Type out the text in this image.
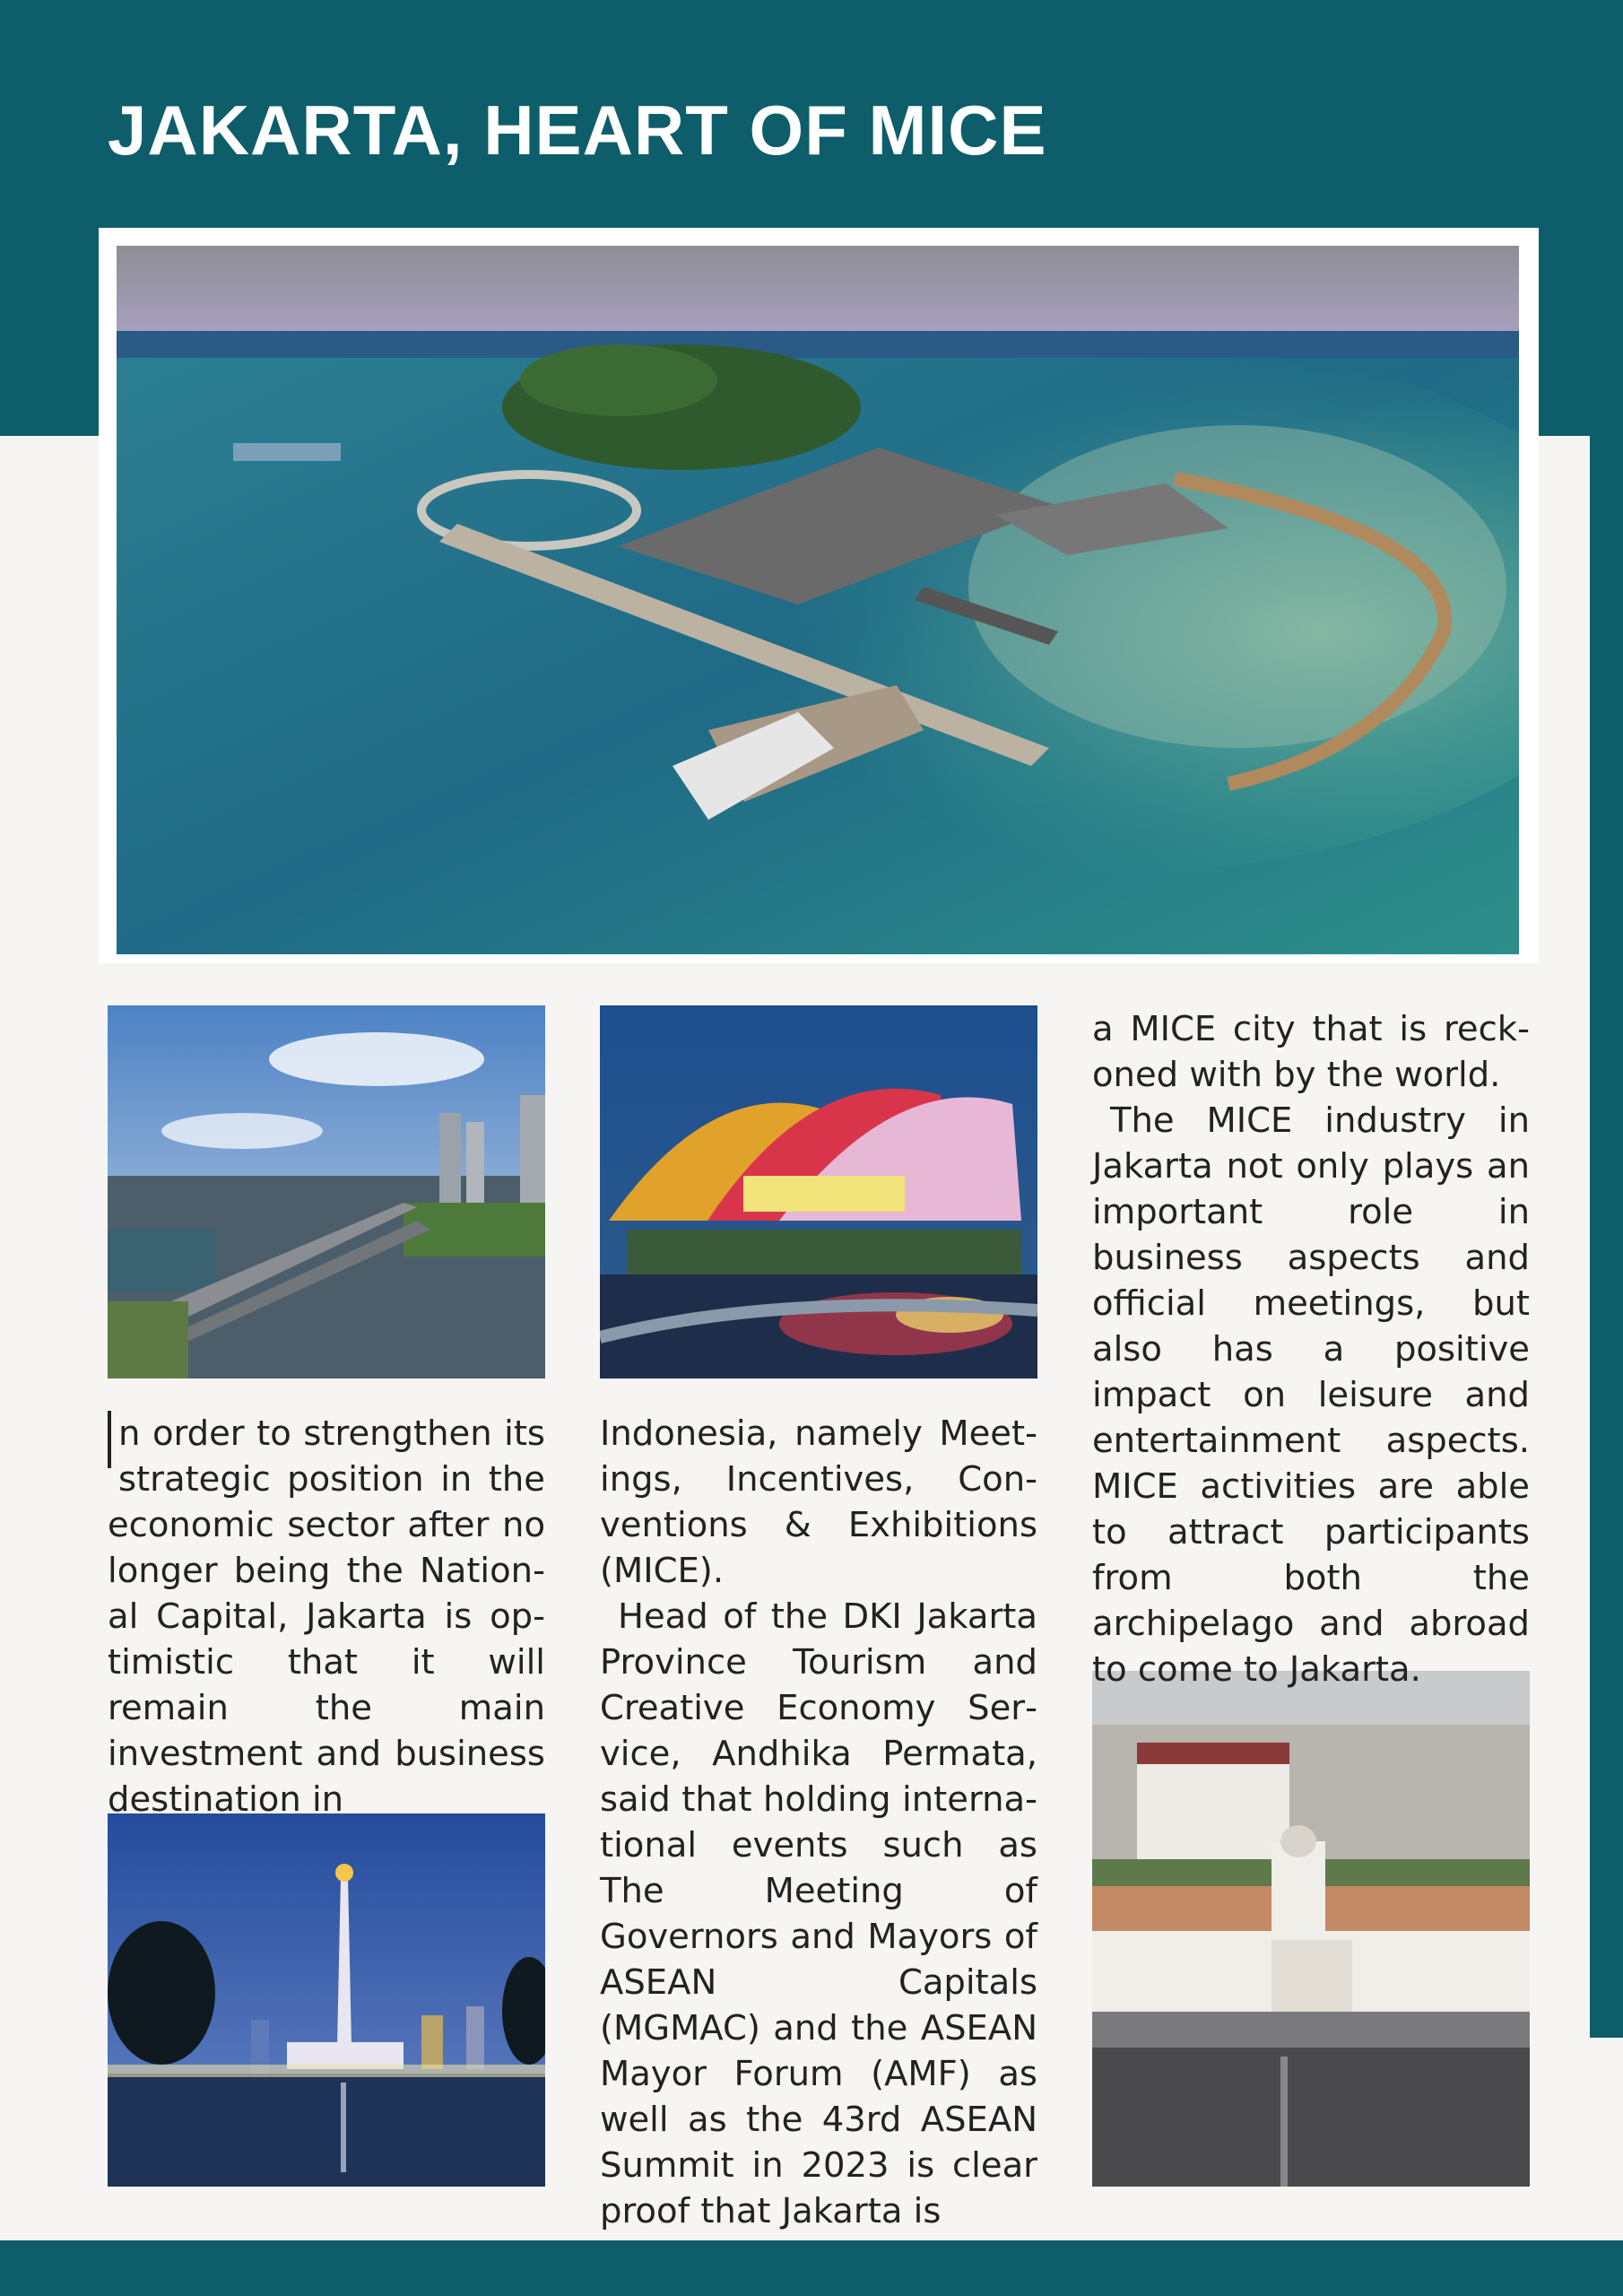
JAKARTA, HEART OF MICE

n order to strengthen its strategic position in the economic sector after no longer being the National Capital, Jakarta is optimistic that it will remain the main investment and business destination in

Indonesia, namely Meetings, Incentives, Conventions & Exhibitions (MICE).

Head of the DKI Jakarta Province Tourism and Creative Economy Service, Andhika Permata, said that holding international events such as The Meeting of Governors and Mayors of ASEAN Capitals (MGMAC) and the ASEAN Mayor Forum (AMF) as well as the 43rd ASEAN Summit in 2023 is clear proof that Jakarta is

a MICE city that is reckoned with by the world.

The MICE industry in Jakarta not only plays an important role in business aspects and official meetings, but also has a positive impact on leisure and entertainment aspects. MICE activities are able to attract participants from both the archipelago and abroad to come to Jakarta.
